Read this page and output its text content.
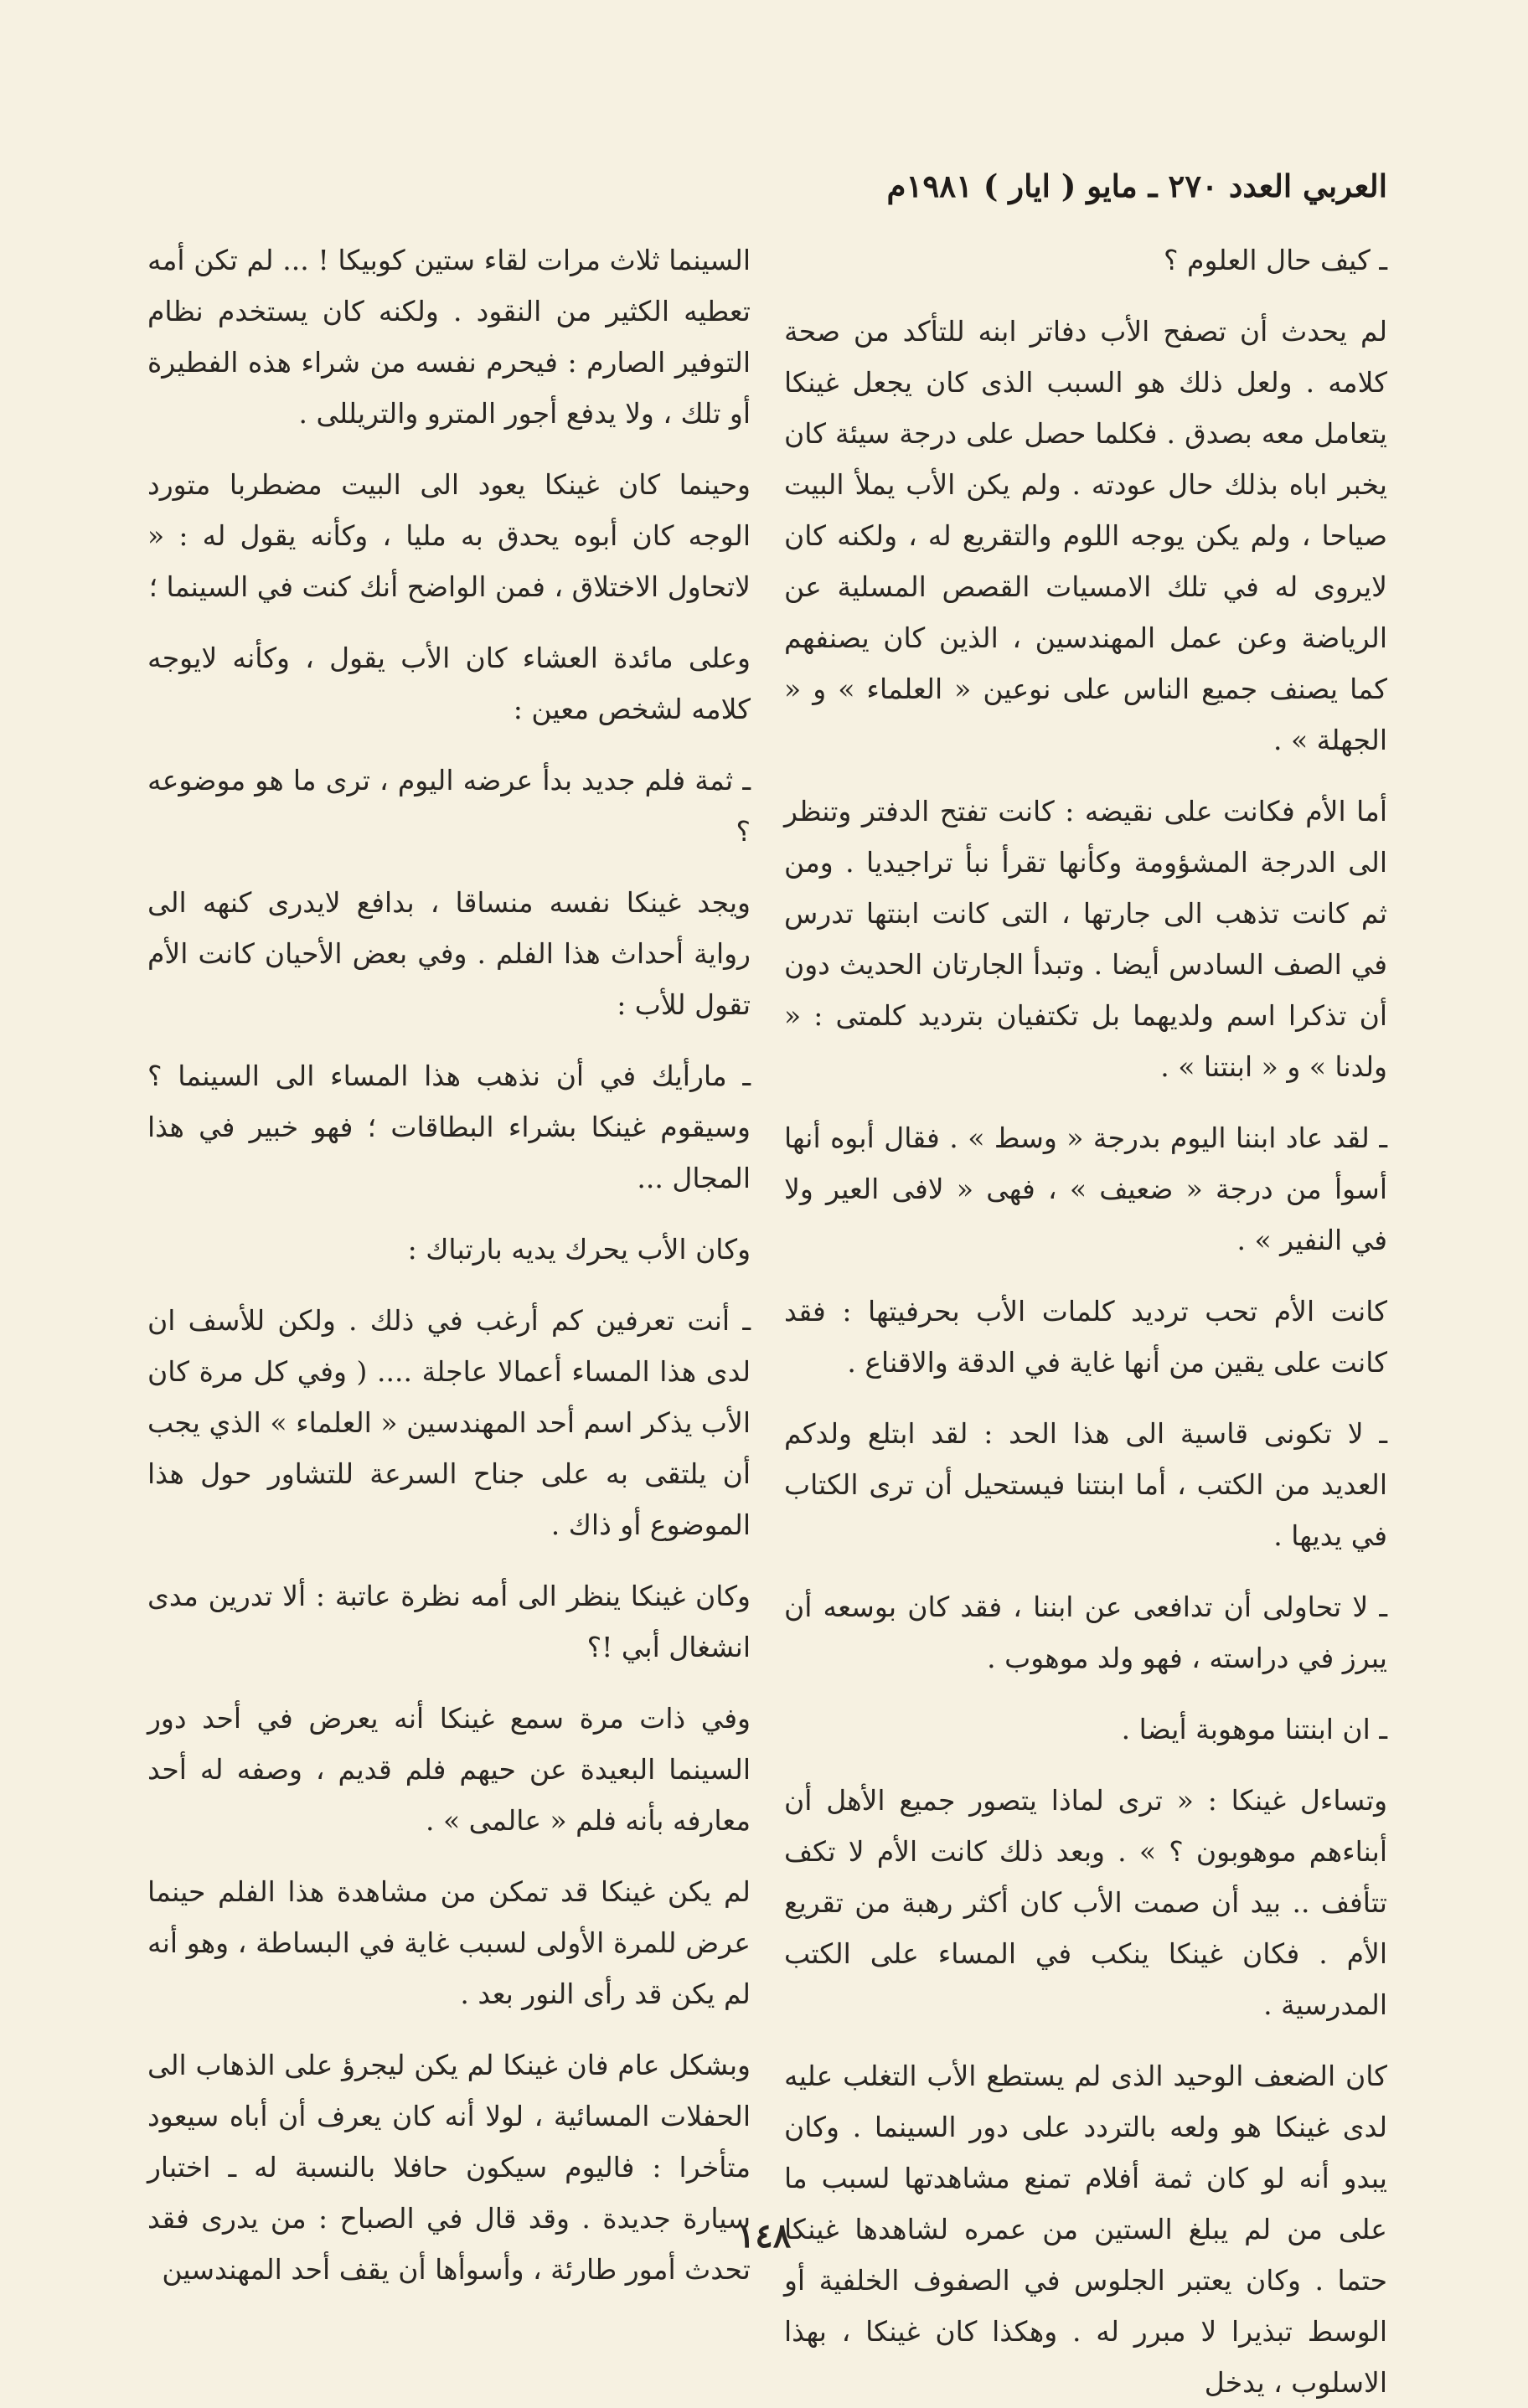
العربي العدد ٢٧٠ ـ مايو ( ايار ) ١٩٨١م

ـ كيف حال العلوم ؟

لم يحدث أن تصفح الأب دفاتر ابنه للتأكد من صحة كلامه . ولعل ذلك هو السبب الذى كان يجعل غينكا يتعامل معه بصدق . فكلما حصل على درجة سيئة كان يخبر اباه بذلك حال عودته . ولم يكن الأب يملأ البيت صياحا ، ولم يكن يوجه اللوم والتقريع له ، ولكنه كان لايروى له في تلك الامسيات القصص المسلية عن الرياضة وعن عمل المهندسين ، الذين كان يصنفهم كما يصنف جميع الناس على نوعين « العلماء » و « الجهلة » .

أما الأم فكانت على نقيضه : كانت تفتح الدفتر وتنظر الى الدرجة المشؤومة وكأنها تقرأ نبأ تراجيديا . ومن ثم كانت تذهب الى جارتها ، التى كانت ابنتها تدرس في الصف السادس أيضا . وتبدأ الجارتان الحديث دون أن تذكرا اسم ولديهما بل تكتفيان بترديد كلمتى : « ولدنا » و « ابنتنا » .

ـ لقد عاد ابننا اليوم بدرجة « وسط » . فقال أبوه أنها أسوأ من درجة « ضعيف » ، فهى « لافى العير ولا في النفير » .

كانت الأم تحب ترديد كلمات الأب بحرفيتها : فقد كانت على يقين من أنها غاية في الدقة والاقناع .

ـ لا تكونى قاسية الى هذا الحد : لقد ابتلع ولدكم العديد من الكتب ، أما ابنتنا فيستحيل أن ترى الكتاب في يديها .

ـ لا تحاولى أن تدافعى عن ابننا ، فقد كان بوسعه أن يبرز في دراسته ، فهو ولد موهوب .

ـ ان ابنتنا موهوبة أيضا .

وتساءل غينكا : « ترى لماذا يتصور جميع الأهل أن أبناءهم موهوبون ؟ » . وبعد ذلك كانت الأم لا تكف تتأفف .. بيد أن صمت الأب كان أكثر رهبة من تقريع الأم . فكان غينكا ينكب في المساء على الكتب المدرسية .

كان الضعف الوحيد الذى لم يستطع الأب التغلب عليه لدى غينكا هو ولعه بالتردد على دور السينما . وكان يبدو أنه لو كان ثمة أفلام تمنع مشاهدتها لسبب ما على من لم يبلغ الستين من عمره لشاهدها غينكا حتما . وكان يعتبر الجلوس في الصفوف الخلفية أو الوسط تبذيرا لا مبرر له . وهكذا كان غينكا ، بهذا الاسلوب ، يدخل

السينما ثلاث مرات لقاء ستين كوبيكا ! ... لم تكن أمه تعطيه الكثير من النقود . ولكنه كان يستخدم نظام التوفير الصارم : فيحرم نفسه من شراء هذه الفطيرة أو تلك ، ولا يدفع أجور المترو والتريللى .

وحينما كان غينكا يعود الى البيت مضطربا متورد الوجه كان أبوه يحدق به مليا ، وكأنه يقول له : « لاتحاول الاختلاق ، فمن الواضح أنك كنت في السينما ؛

وعلى مائدة العشاء كان الأب يقول ، وكأنه لايوجه كلامه لشخص معين :

ـ ثمة فلم جديد بدأ عرضه اليوم ، ترى ما هو موضوعه ؟

ويجد غينكا نفسه منساقا ، بدافع لايدرى كنهه الى رواية أحداث هذا الفلم . وفي بعض الأحيان كانت الأم تقول للأب :

ـ مارأيك في أن نذهب هذا المساء الى السينما ؟ وسيقوم غينكا بشراء البطاقات ؛ فهو خبير في هذا المجال ...

وكان الأب يحرك يديه بارتباك :

ـ أنت تعرفين كم أرغب في ذلك . ولكن للأسف ان لدى هذا المساء أعمالا عاجلة .... ( وفي كل مرة كان الأب يذكر اسم أحد المهندسين « العلماء » الذي يجب أن يلتقى به على جناح السرعة للتشاور حول هذا الموضوع أو ذاك .

وكان غينكا ينظر الى أمه نظرة عاتبة : ألا تدرين مدى انشغال أبي !؟

وفي ذات مرة سمع غينكا أنه يعرض في أحد دور السينما البعيدة عن حيهم فلم قديم ، وصفه له أحد معارفه بأنه فلم « عالمى » .

لم يكن غينكا قد تمكن من مشاهدة هذا الفلم حينما عرض للمرة الأولى لسبب غاية في البساطة ، وهو أنه لم يكن قد رأى النور بعد .

وبشكل عام فان غينكا لم يكن ليجرؤ على الذهاب الى الحفلات المسائية ، لولا أنه كان يعرف أن أباه سيعود متأخرا : فاليوم سيكون حافلا بالنسبة له ـ اختبار سيارة جديدة . وقد قال في الصباح : من يدرى فقد تحدث أمور طارئة ، وأسوأها أن يقف أحد المهندسين

١٤٨
